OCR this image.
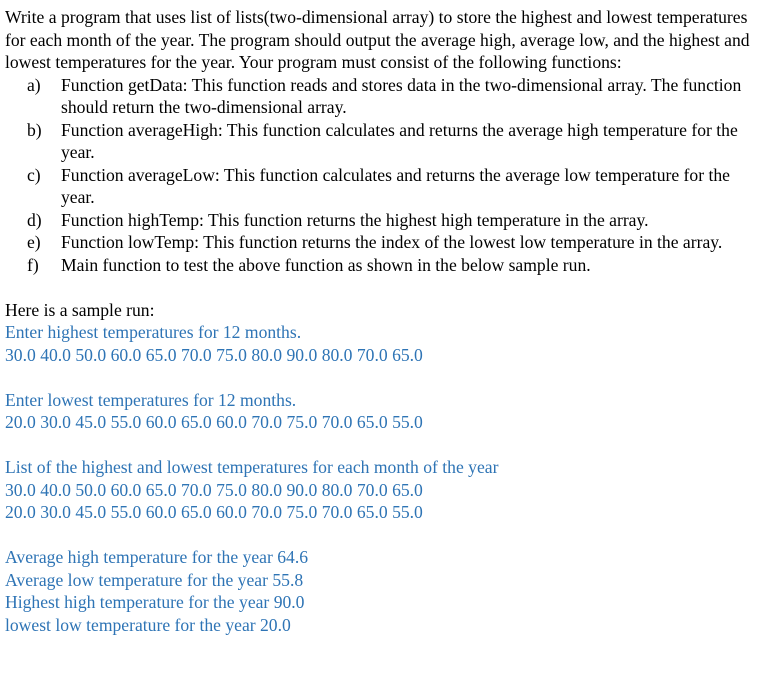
Write a program that uses list of lists(two-dimensional array) to store the highest and lowest temperatures for each month of the year. The program should output the average high, average low, and the highest and lowest temperatures for the year. Your program must consist of the following functions:

a) Function getData: This function reads and stores data in the two-dimensional array. The function should return the two-dimensional array.
b) Function averageHigh: This function calculates and returns the average high temperature for the year.
c) Function averageLow: This function calculates and returns the average low temperature for the year.
d) Function highTemp: This function returns the highest high temperature in the array.
e) Function lowTemp: This function returns the index of the lowest low temperature in the array.
f) Main function to test the above function as shown in the below sample run.
Here is a sample run:
Enter highest temperatures for 12 months.
30.0 40.0 50.0 60.0 65.0 70.0 75.0 80.0 90.0 80.0 70.0 65.0
Enter lowest temperatures for 12 months.
20.0 30.0 45.0 55.0 60.0 65.0 60.0 70.0 75.0 70.0 65.0 55.0
List of the highest and lowest temperatures for each month of the year
30.0 40.0 50.0 60.0 65.0 70.0 75.0 80.0 90.0 80.0 70.0 65.0
20.0 30.0 45.0 55.0 60.0 65.0 60.0 70.0 75.0 70.0 65.0 55.0
Average high temperature for the year 64.6
Average low temperature for the year 55.8
Highest high temperature for the year 90.0
lowest low temperature for the year 20.0
